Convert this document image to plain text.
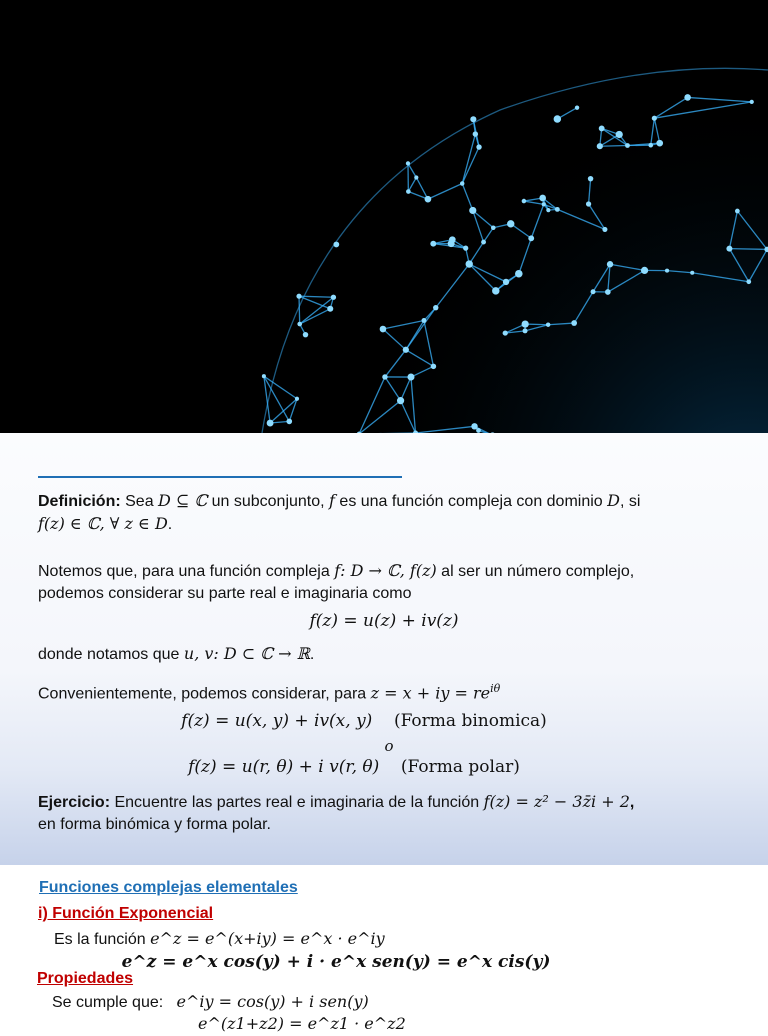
Definición: Sea D ⊆ ℂ un subconjunto, f es una función compleja con dominio D, si
f(z) ∈ ℂ, ∀ z ∈ D.
Notemos que, para una función compleja f: D → ℂ, f(z) al ser un número complejo,
podemos considerar su parte real e imaginaria como
f(z) = u(z) + iv(z)
donde notamos que u, v: D ⊂ ℂ → ℝ.
Convenientemente, podemos considerar, para z = x + iy = $re^{i\theta}$
f(z) = u(x, y) + iv(x, y) (Forma binomica)
o
f(z) = u(r, θ) + i v(r, θ) (Forma polar)
Ejercicio: Encuentre las partes real e imaginaria de la función f(z) = z² − 3z̄i + 2,
en forma binómica y forma polar.
Funciones complejas elementales
i) Función Exponencial
Es la función e^z = e^(x+iy) = e^x · e^iy
e^z = e^x cos(y) + i · e^x sen(y) = e^x cis(y)
Propiedades
Se cumple que: e^iy = cos(y) + i sen(y)
e^(z1+z2) = e^z1 · e^z2
